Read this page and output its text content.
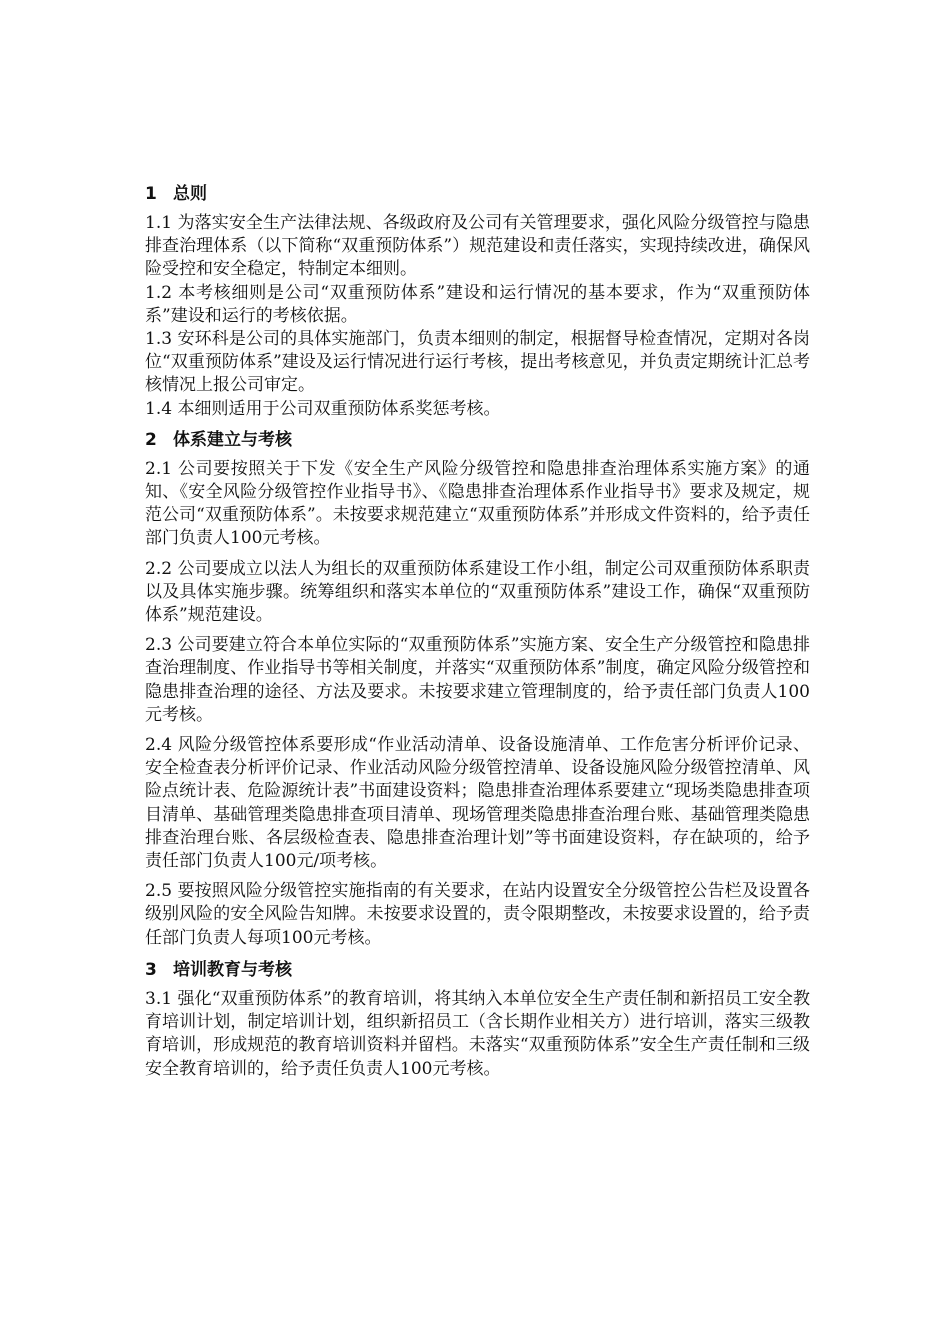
1 总则

1.1 为落实安全生产法律法规、各级政府及公司有关管理要求，强化风险分级管控与隐患排查治理体系（以下简称“双重预防体系”）规范建设和责任落实，实现持续改进，确保风险受控和安全稳定，特制定本细则。

1.2 本考核细则是公司“双重预防体系”建设和运行情况的基本要求，作为“双重预防体系”建设和运行的考核依据。

1.3 安环科是公司的具体实施部门，负责本细则的制定，根据督导检查情况，定期对各岗位“双重预防体系”建设及运行情况进行运行考核，提出考核意见，并负责定期统计汇总考核情况上报公司审定。

1.4 本细则适用于公司双重预防体系奖惩考核。

2 体系建立与考核

2.1 公司要按照关于下发《安全生产风险分级管控和隐患排查治理体系实施方案》的通知、《安全风险分级管控作业指导书》、《隐患排查治理体系作业指导书》要求及规定，规范公司“双重预防体系”。未按要求规范建立“双重预防体系”并形成文件资料的，给予责任部门负责人100元考核。

2.2 公司要成立以法人为组长的双重预防体系建设工作小组，制定公司双重预防体系职责以及具体实施步骤。统筹组织和落实本单位的“双重预防体系”建设工作，确保“双重预防体系”规范建设。

2.3 公司要建立符合本单位实际的“双重预防体系”实施方案、安全生产分级管控和隐患排查治理制度、作业指导书等相关制度，并落实“双重预防体系”制度，确定风险分级管控和隐患排查治理的途径、方法及要求。未按要求建立管理制度的，给予责任部门负责人100元考核。

2.4 风险分级管控体系要形成“作业活动清单、设备设施清单、工作危害分析评价记录、安全检查表分析评价记录、作业活动风险分级管控清单、设备设施风险分级管控清单、风险点统计表、危险源统计表”书面建设资料；隐患排查治理体系要建立“现场类隐患排查项目清单、基础管理类隐患排查项目清单、现场管理类隐患排查治理台账、基础管理类隐患排查治理台账、各层级检查表、隐患排查治理计划”等书面建设资料，存在缺项的，给予责任部门负责人100元/项考核。

2.5 要按照风险分级管控实施指南的有关要求，在站内设置安全分级管控公告栏及设置各级别风险的安全风险告知牌。未按要求设置的，责令限期整改，未按要求设置的，给予责任部门负责人每项100元考核。

3 培训教育与考核

3.1 强化“双重预防体系”的教育培训，将其纳入本单位安全生产责任制和新招员工安全教育培训计划，制定培训计划，组织新招员工（含长期作业相关方）进行培训，落实三级教育培训，形成规范的教育培训资料并留档。未落实“双重预防体系”安全生产责任制和三级安全教育培训的，给予责任负责人100元考核。
